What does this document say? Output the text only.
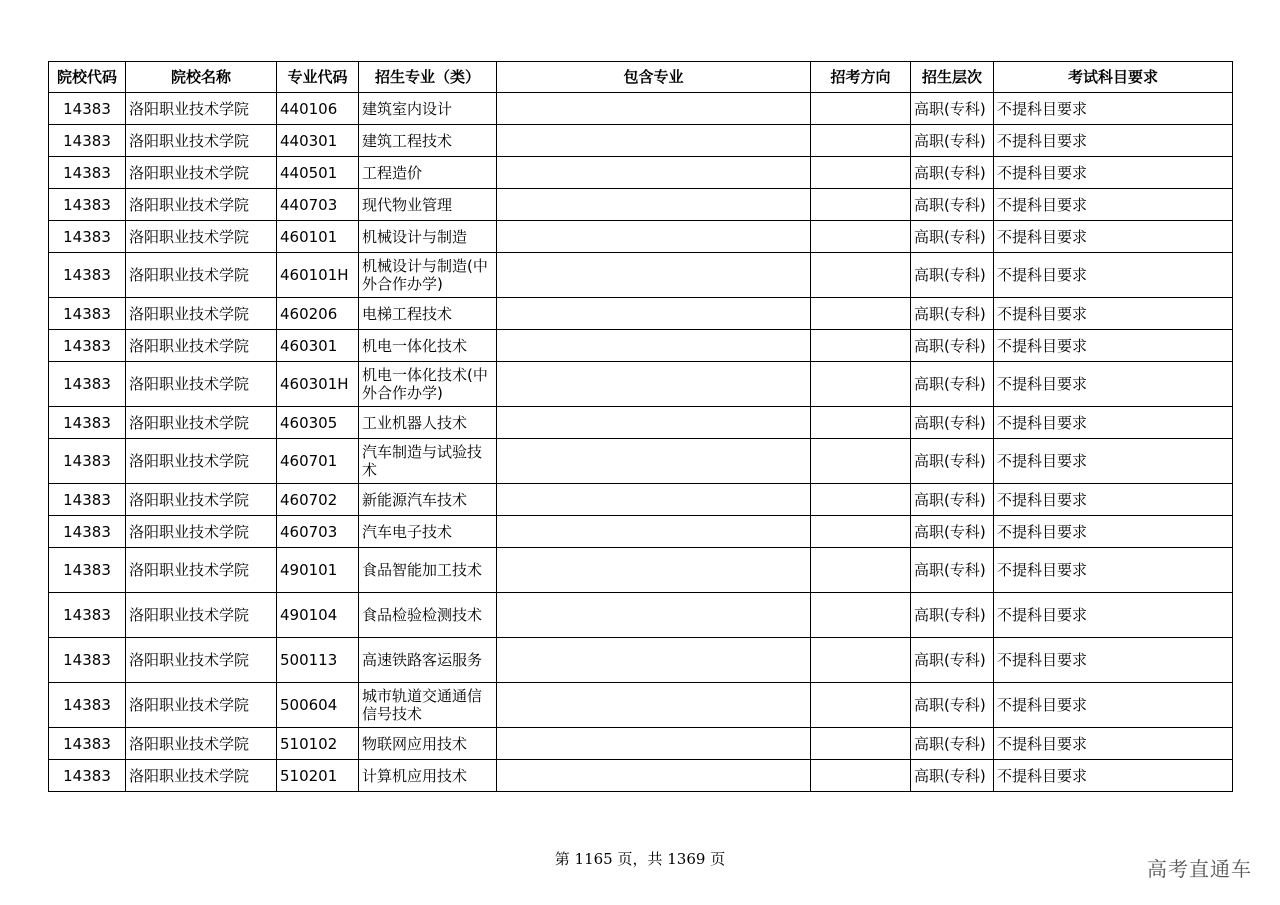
院校代码	院校名称	专业代码	招生专业（类）	包含专业	招考方向	招生层次	考试科目要求
14383	洛阳职业技术学院	440106	建筑室内设计			高职(专科)	不提科目要求
14383	洛阳职业技术学院	440301	建筑工程技术			高职(专科)	不提科目要求
14383	洛阳职业技术学院	440501	工程造价			高职(专科)	不提科目要求
14383	洛阳职业技术学院	440703	现代物业管理			高职(专科)	不提科目要求
14383	洛阳职业技术学院	460101	机械设计与制造			高职(专科)	不提科目要求
14383	洛阳职业技术学院	460101H	机械设计与制造(中外合作办学)			高职(专科)	不提科目要求
14383	洛阳职业技术学院	460206	电梯工程技术			高职(专科)	不提科目要求
14383	洛阳职业技术学院	460301	机电一体化技术			高职(专科)	不提科目要求
14383	洛阳职业技术学院	460301H	机电一体化技术(中外合作办学)			高职(专科)	不提科目要求
14383	洛阳职业技术学院	460305	工业机器人技术			高职(专科)	不提科目要求
14383	洛阳职业技术学院	460701	汽车制造与试验技术			高职(专科)	不提科目要求
14383	洛阳职业技术学院	460702	新能源汽车技术			高职(专科)	不提科目要求
14383	洛阳职业技术学院	460703	汽车电子技术			高职(专科)	不提科目要求
14383	洛阳职业技术学院	490101	食品智能加工技术			高职(专科)	不提科目要求
14383	洛阳职业技术学院	490104	食品检验检测技术			高职(专科)	不提科目要求
14383	洛阳职业技术学院	500113	高速铁路客运服务			高职(专科)	不提科目要求
14383	洛阳职业技术学院	500604	城市轨道交通通信信号技术			高职(专科)	不提科目要求
14383	洛阳职业技术学院	510102	物联网应用技术			高职(专科)	不提科目要求
14383	洛阳职业技术学院	510201	计算机应用技术			高职(专科)	不提科目要求
第 1165 页，共 1369 页	高考直通车
